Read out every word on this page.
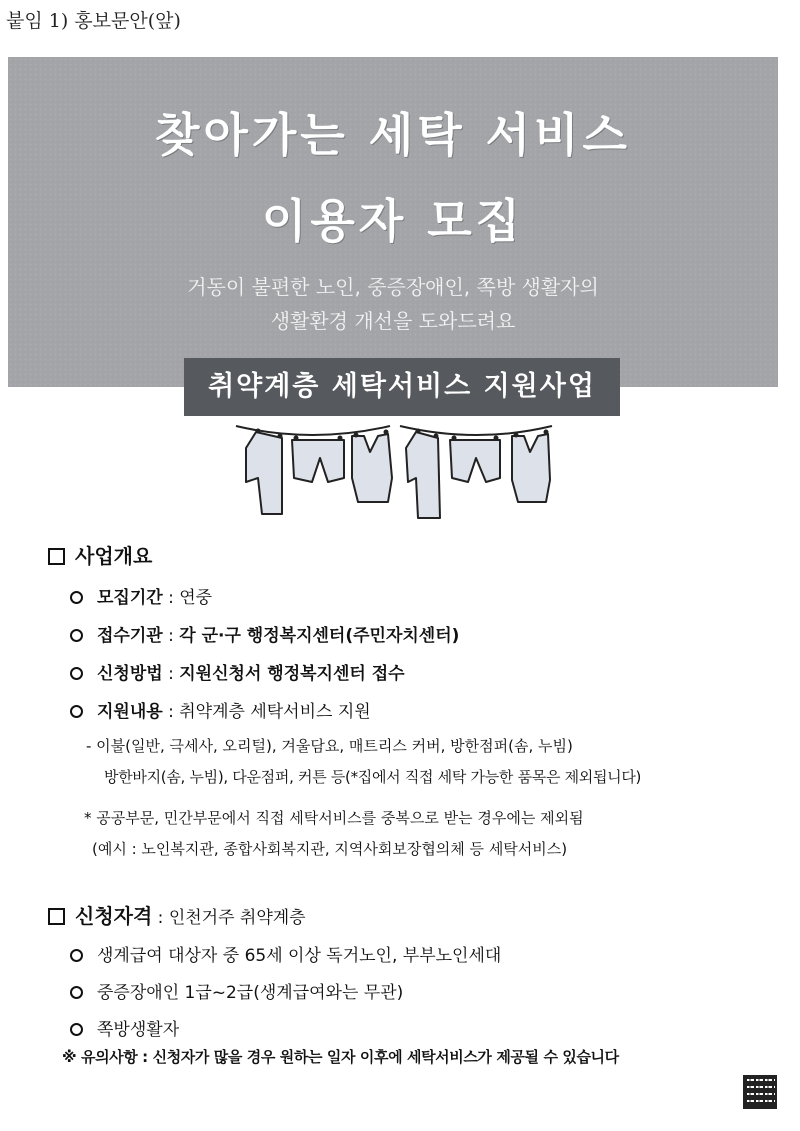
붙임 1) 홍보문안(앞)
찾아가는 세탁 서비스
이용자 모집
거동이 불편한 노인, 중증장애인, 쪽방 생활자의
생활환경 개선을 도와드려요
취약계층 세탁서비스 지원사업
사업개요
모집기간 : 연중
접수기관 : 각 군·구 행정복지센터(주민자치센터)
신청방법 : 지원신청서 행정복지센터 접수
지원내용 : 취약계층 세탁서비스 지원
- 이불(일반, 극세사, 오리털), 겨울담요, 매트리스 커버, 방한점퍼(솜, 누빔)
방한바지(솜, 누빔), 다운점퍼, 커튼 등(*집에서 직접 세탁 가능한 품목은 제외됩니다)
* 공공부문, 민간부문에서 직접 세탁서비스를 중복으로 받는 경우에는 제외됨
(예시 : 노인복지관, 종합사회복지관, 지역사회보장협의체 등 세탁서비스)
신청자격 : 인천거주 취약계층
생계급여 대상자 중 65세 이상 독거노인, 부부노인세대
중증장애인 1급~2급(생계급여와는 무관)
쪽방생활자
※ 유의사항 : 신청자가 많을 경우 원하는 일자 이후에 세탁서비스가 제공될 수 있습니다
